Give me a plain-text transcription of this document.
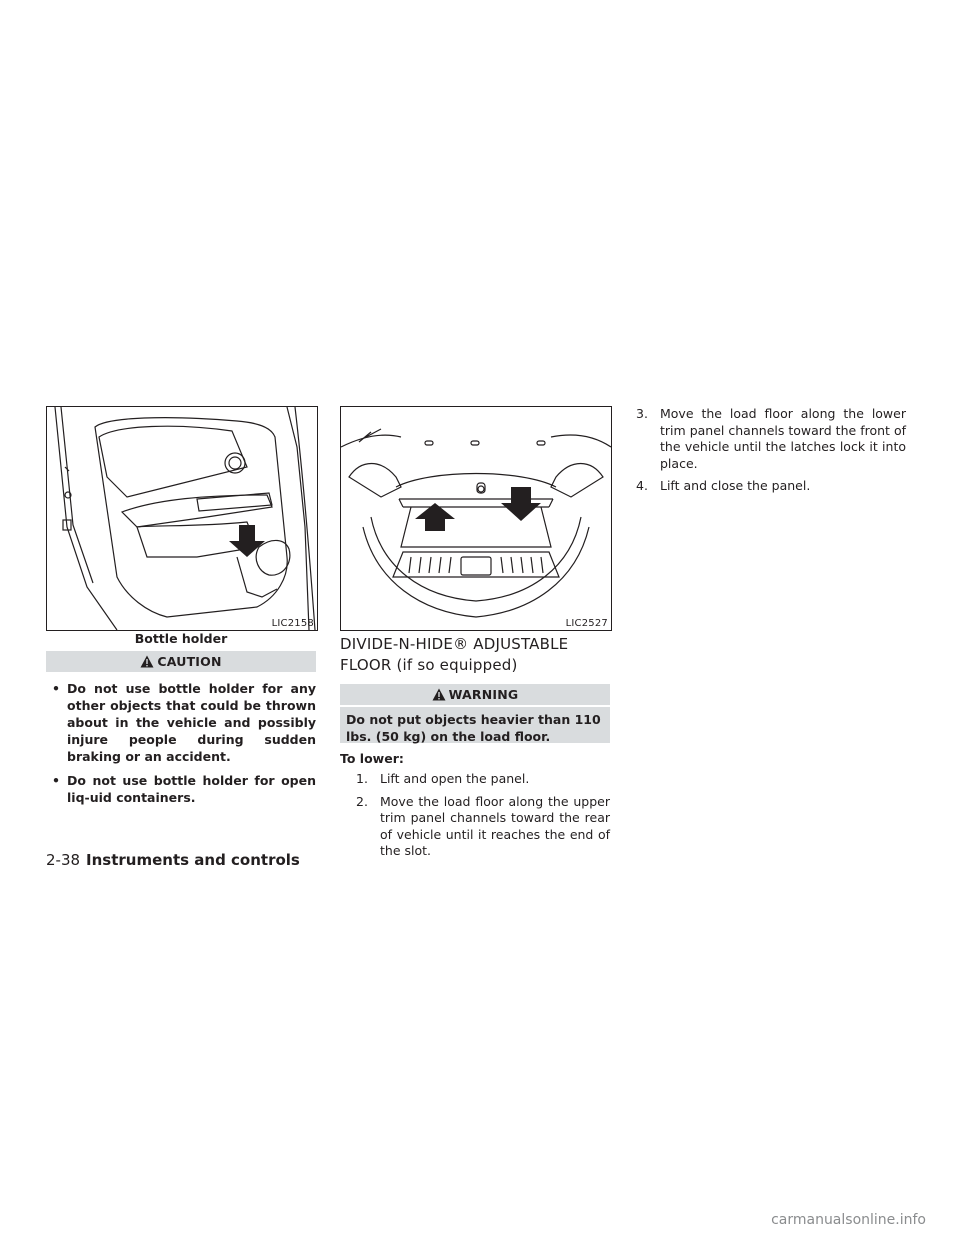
LIC2158
Bottle holder
CAUTION
• Do not use bottle holder for any other objects that could be thrown about in the vehicle and possibly injure people during sudden braking or an accident.
• Do not use bottle holder for open liq-uid containers.
LIC2527
DIVIDE-N-HIDE® ADJUSTABLE
FLOOR (if so equipped)
WARNING
Do not put objects heavier than 110 lbs. (50 kg) on the load floor.
To lower:
1. Lift and open the panel.
2. Move the load floor along the upper trim panel channels toward the rear of vehicle until it reaches the end of the slot.
3. Move the load floor along the lower trim panel channels toward the front of the vehicle until the latches lock it into place.
4. Lift and close the panel.
2-38 Instruments and controls
carmanualsonline.info
